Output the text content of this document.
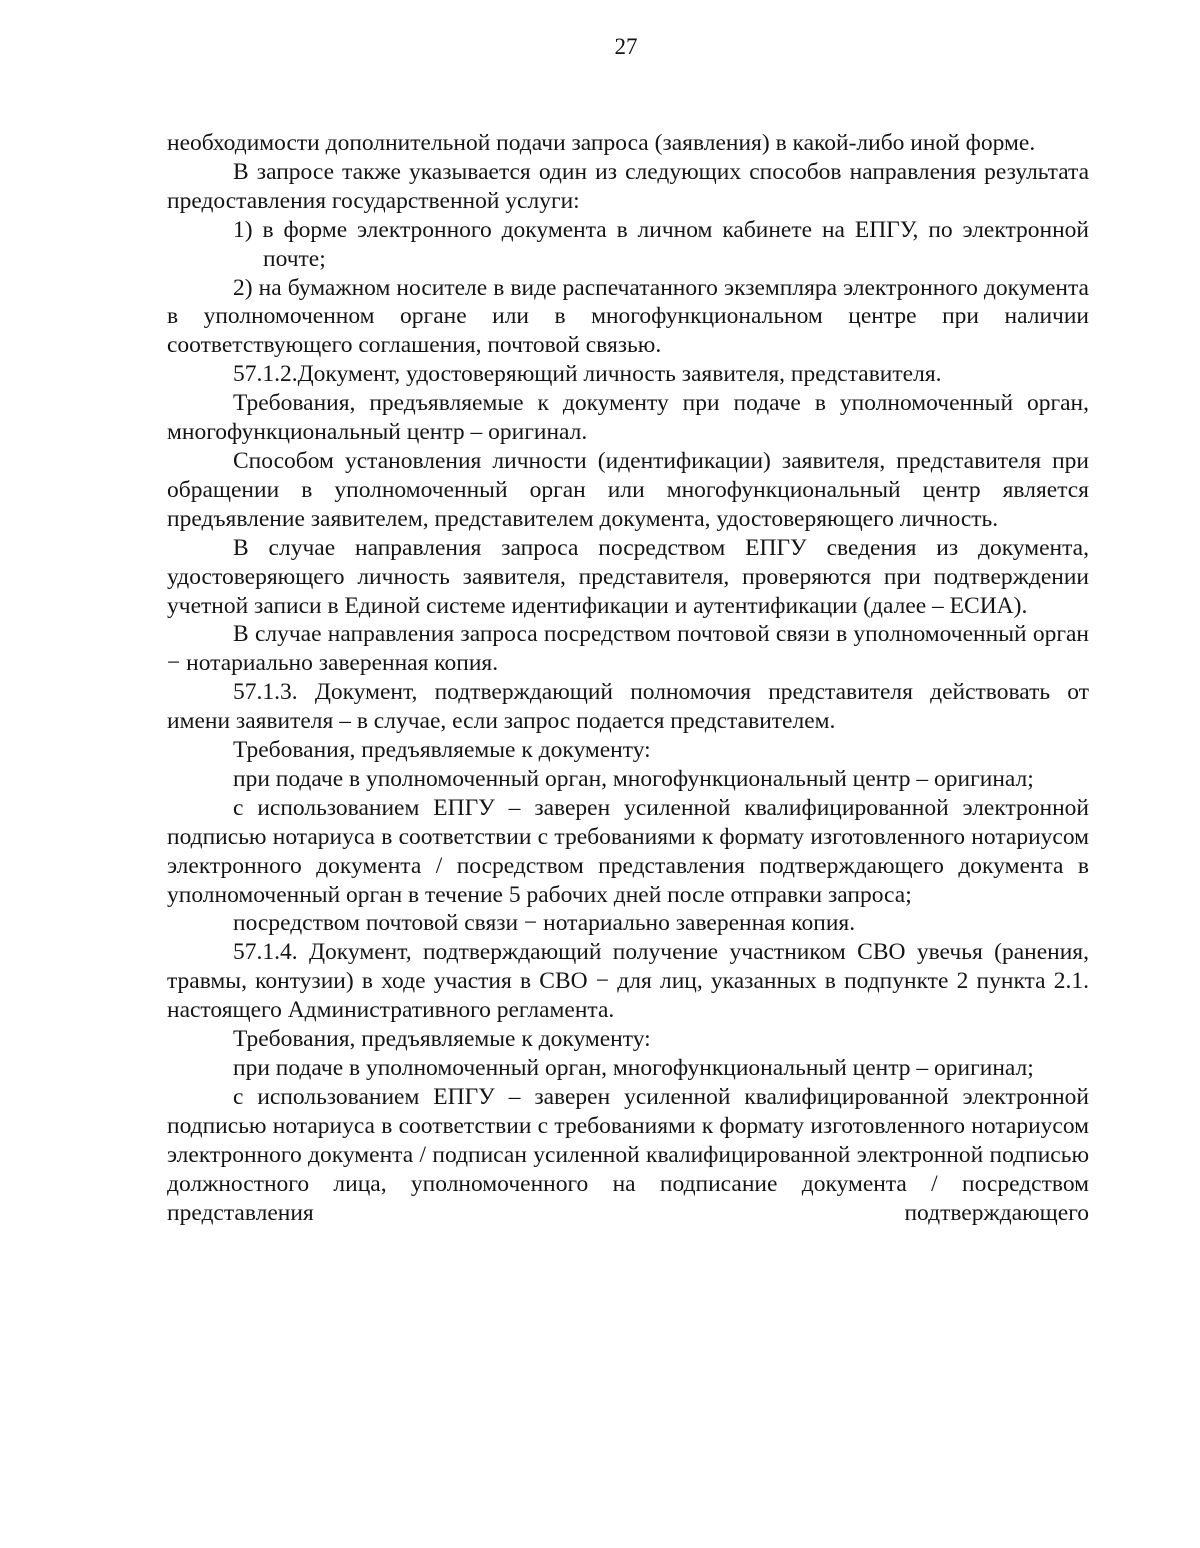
27

необходимости дополнительной подачи запроса (заявления) в какой-либо иной форме.

В запросе также указывается один из следующих способов направления результата предоставления государственной услуги:

1) в форме электронного документа в личном кабинете на ЕПГУ, по электронной почте;

2) на бумажном носителе в виде распечатанного экземпляра электронного документа в уполномоченном органе или в многофункциональном центре при наличии соответствующего соглашения, почтовой связью.

57.1.2.Документ, удостоверяющий личность заявителя, представителя.

Требования, предъявляемые к документу при подаче в уполномоченный орган, многофункциональный центр – оригинал.

Способом установления личности (идентификации) заявителя, представителя при обращении в уполномоченный орган или многофункциональный центр является предъявление заявителем, представителем документа, удостоверяющего личность.

В случае направления запроса посредством ЕПГУ сведения из документа, удостоверяющего личность заявителя, представителя, проверяются при подтверждении учетной записи в Единой системе идентификации и аутентификации (далее – ЕСИА).

В случае направления запроса посредством почтовой связи в уполномоченный орган − нотариально заверенная копия.

57.1.3. Документ, подтверждающий полномочия представителя действовать от имени заявителя – в случае, если запрос подается представителем.

Требования, предъявляемые к документу:

при подаче в уполномоченный орган, многофункциональный центр – оригинал;

с использованием ЕПГУ – заверен усиленной квалифицированной электронной подписью нотариуса в соответствии с требованиями к формату изготовленного нотариусом электронного документа / посредством представления подтверждающего документа в уполномоченный орган в течение 5 рабочих дней после отправки запроса;

посредством почтовой связи − нотариально заверенная копия.

57.1.4. Документ, подтверждающий получение участником СВО увечья (ранения, травмы, контузии) в ходе участия в СВО − для лиц, указанных в подпункте 2 пункта 2.1. настоящего Административного регламента.

Требования, предъявляемые к документу:

при подаче в уполномоченный орган, многофункциональный центр – оригинал;

с использованием ЕПГУ – заверен усиленной квалифицированной электронной подписью нотариуса в соответствии с требованиями к формату изготовленного нотариусом электронного документа / подписан усиленной квалифицированной электронной подписью должностного лица, уполномоченного на подписание документа / посредством представления подтверждающего
